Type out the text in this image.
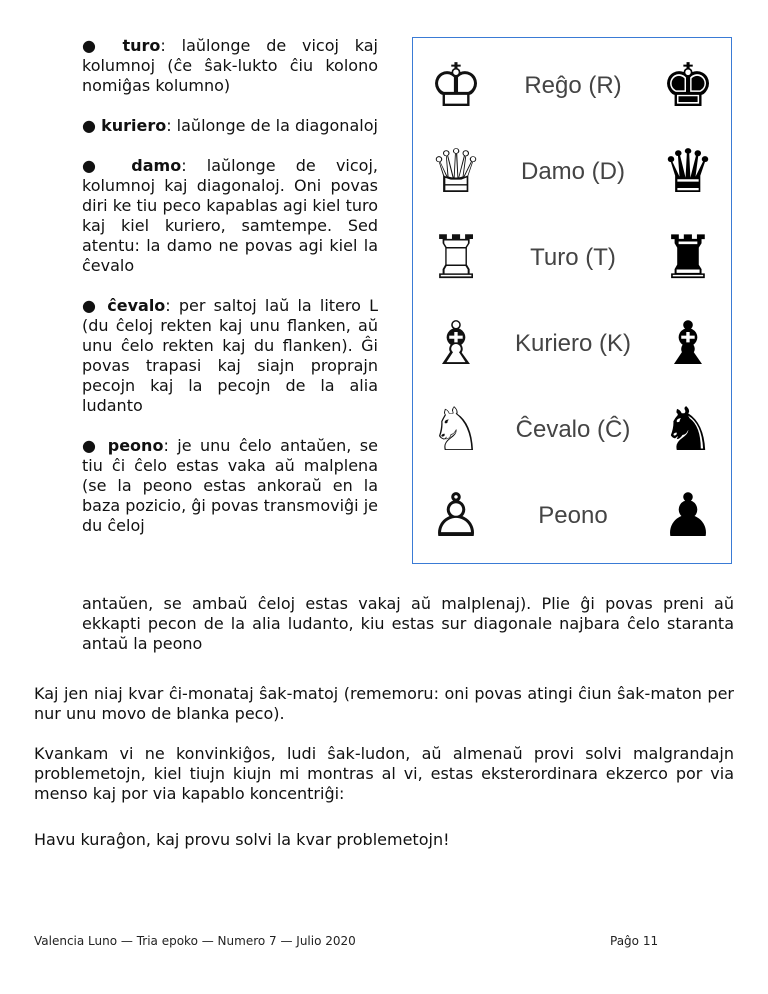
● turo: laŭlonge de vicoj kaj kolumnoj (ĉe ŝak-lukto ĉiu kolono nomiĝas kolumno)
● kuriero: laŭlonge de la diagonaloj
● damo: laŭlonge de vicoj, kolumnoj kaj diagonaloj. Oni povas diri ke tiu peco kapablas agi kiel turo kaj kiel kuriero, samtempe. Sed atentu: la damo ne povas agi kiel la ĉevalo
● ĉevalo: per saltoj laŭ la litero L (du ĉeloj rekten kaj unu flanken, aŭ unu ĉelo rekten kaj du flanken). Ĝi povas trapasi kaj siajn proprajn pecojn kaj la pecojn de la alia ludanto
● peono: je unu ĉelo antaŭen, se tiu ĉi ĉelo estas vaka aŭ malplena (se la peono estas ankoraŭ en la baza pozicio, ĝi povas transmoviĝi je du ĉeloj
antaŭen, se ambaŭ ĉeloj estas vakaj aŭ malplenaj). Plie ĝi povas preni aŭ ekkapti pecon de la alia ludanto, kiu estas sur diagonale najbara ĉelo staranta antaŭ la peono
Kaj jen niaj kvar ĉi-monataj ŝak-matoj (rememoru: oni povas atingi ĉiun ŝak-maton per nur unu movo de blanka peco).
Kvankam vi ne konvinkiĝos, ludi ŝak-ludon, aŭ almenaŭ provi solvi malgrandajn problemetojn, kiel tiujn kiujn mi montras al vi, estas eksterordinara ekzerco por via menso kaj por via kapablo koncentriĝi:
Havu kuraĝon, kaj provu solvi la kvar problemetojn!
♔	Reĝo (R) ♚
♕	Damo (D) ♛
♖	Turo (T) ♜
♗	Kuriero (K) ♝
♘	Ĉevalo (Ĉ) ♞
♙	Peono ♟
Valencia Luno — Tria epoko — Numero 7 — Julio 2020	Paĝo 11
